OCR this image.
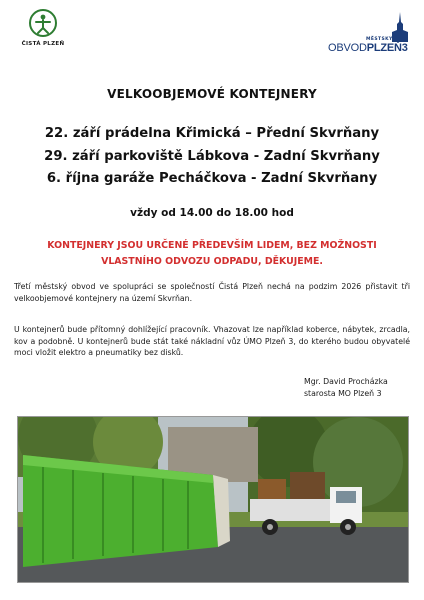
ČISTÁ PLZEŇ
MĚSTSKÝ
OBVODPLZEŇ3
VELKOOBJEMOVÉ KONTEJNERY
22. září prádelna Křimická – Přední Skvrňany
29. září parkoviště Lábkova - Zadní Skvrňany
6. října garáže Pecháčkova - Zadní Skvrňany
vždy od 14.00 do 18.00 hod
KONTEJNERY JSOU URČENÉ PŘEDEVŠÍM LIDEM, BEZ MOŽNOSTI VLASTNÍHO ODVOZU ODPADU, DĚKUJEME.
Třetí městský obvod ve spolupráci se společností Čistá Plzeň nechá na podzim 2026 přistavit tři velkoobjemové kontejnery na území Skvrňan.
U kontejnerů bude přítomný dohlížející pracovník. Vhazovat lze například koberce, nábytek, zrcadla, kov a podobně. U kontejnerů bude stát také nákladní vůz ÚMO Plzeň 3, do kterého budou obyvatelé moci vložit elektro a pneumatiky bez disků.
Mgr. David Procházka
starosta MO Plzeň 3
